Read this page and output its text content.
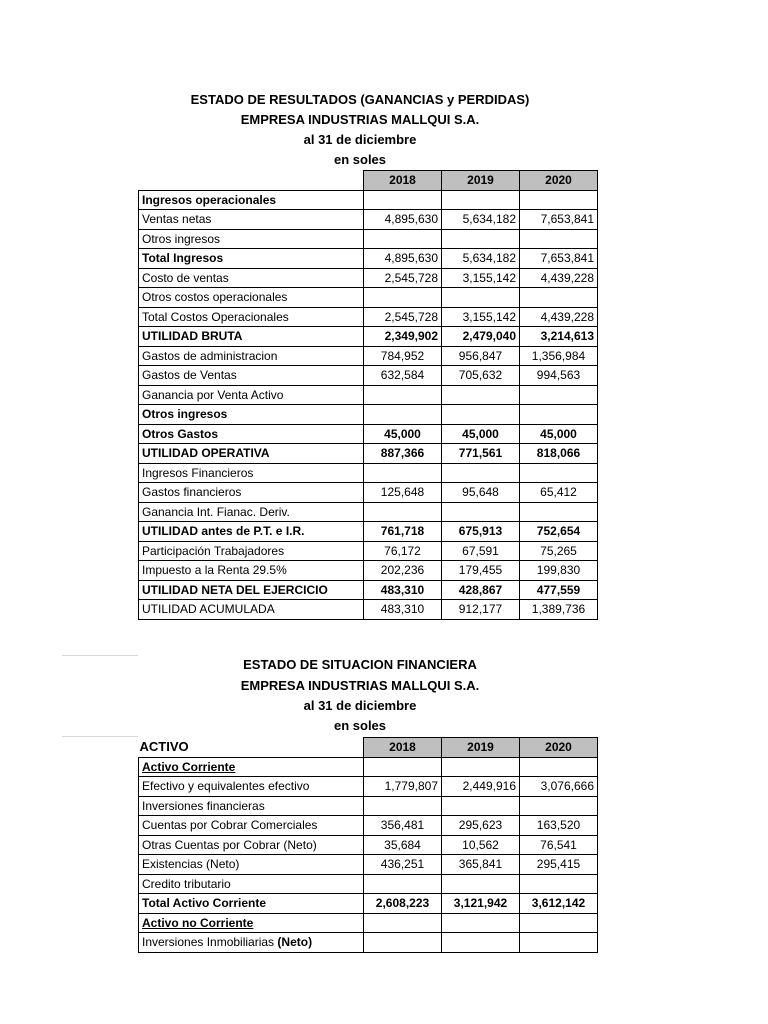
ESTADO DE RESULTADOS (GANANCIAS y PERDIDAS)
EMPRESA INDUSTRIAS MALLQUI S.A.
al 31 de diciembre
en soles
	2018	2019	2020
Ingresos operacionales			
Ventas netas	4,895,630	5,634,182	7,653,841
Otros ingresos			
Total Ingresos	4,895,630	5,634,182	7,653,841
Costo de ventas	2,545,728	3,155,142	4,439,228
Otros costos operacionales			
Total Costos Operacionales	2,545,728	3,155,142	4,439,228
UTILIDAD BRUTA	2,349,902	2,479,040	3,214,613
Gastos de administracion	784,952	956,847	1,356,984
Gastos de Ventas	632,584	705,632	994,563
Ganancia por Venta Activo			
Otros ingresos			
Otros Gastos	45,000	45,000	45,000
UTILIDAD OPERATIVA	887,366	771,561	818,066
Ingresos Financieros			
Gastos financieros	125,648	95,648	65,412
Ganancia Int. Fianac. Deriv.			
UTILIDAD antes de P.T. e I.R.	761,718	675,913	752,654
Participación Trabajadores	76,172	67,591	75,265
Impuesto a la Renta 29.5%	202,236	179,455	199,830
UTILIDAD NETA DEL EJERCICIO	483,310	428,867	477,559
UTILIDAD ACUMULADA	483,310	912,177	1,389,736
ESTADO DE SITUACION FINANCIERA
EMPRESA INDUSTRIAS MALLQUI S.A.
al 31 de diciembre
en soles
ACTIVO	2018	2019	2020
Activo Corriente			
Efectivo y equivalentes efectivo	1,779,807	2,449,916	3,076,666
Inversiones financieras			
Cuentas por Cobrar Comerciales	356,481	295,623	163,520
Otras Cuentas por Cobrar (Neto)	35,684	10,562	76,541
Existencias (Neto)	436,251	365,841	295,415
Credito tributario			
Total Activo Corriente	2,608,223	3,121,942	3,612,142
Activo no Corriente			
Inversiones Inmobiliarias (Neto)			
